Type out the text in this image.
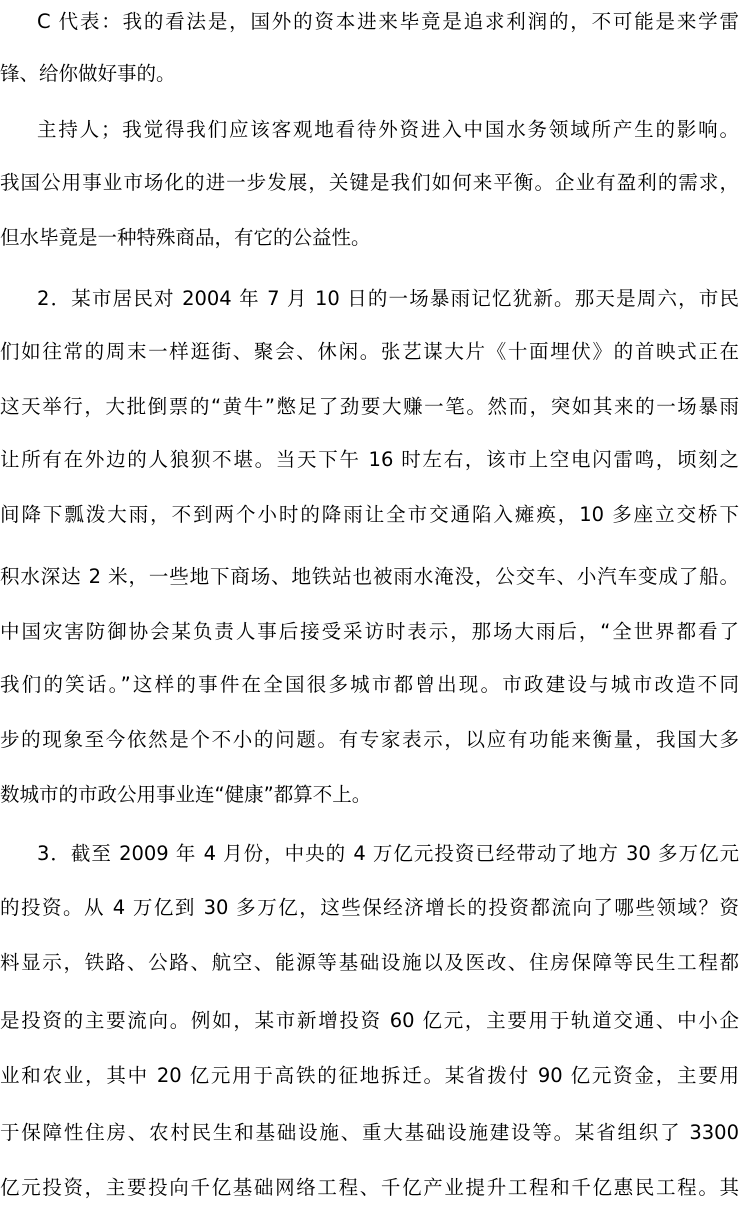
C 代表：我的看法是，国外的资本进来毕竟是追求利润的，不可能是来学雷
锋、给你做好事的。
主持人；我觉得我们应该客观地看待外资进入中国水务领域所产生的影响。
我国公用事业市场化的进一步发展，关键是我们如何来平衡。企业有盈利的需求，
但水毕竟是一种特殊商品，有它的公益性。
2．某市居民对 2004 年 7 月 10 日的一场暴雨记忆犹新。那天是周六，市民
们如往常的周末一样逛街、聚会、休闲。张艺谋大片《十面埋伏》的首映式正在
这天举行，大批倒票的“黄牛”憋足了劲要大赚一笔。然而，突如其来的一场暴雨
让所有在外边的人狼狈不堪。当天下午 16 时左右，该市上空电闪雷鸣，顷刻之
间降下瓢泼大雨，不到两个小时的降雨让全市交通陷入瘫痪，10 多座立交桥下
积水深达 2 米，一些地下商场、地铁站也被雨水淹没，公交车、小汽车变成了船。
中国灾害防御协会某负责人事后接受采访时表示，那场大雨后，“全世界都看了
我们的笑话。”这样的事件在全国很多城市都曾出现。市政建设与城市改造不同
步的现象至今依然是个不小的问题。有专家表示，以应有功能来衡量，我国大多
数城市的市政公用事业连“健康”都算不上。
3．截至 2009 年 4 月份，中央的 4 万亿元投资已经带动了地方 30 多万亿元
的投资。从 4 万亿到 30 多万亿，这些保经济增长的投资都流向了哪些领域？资
料显示，铁路、公路、航空、能源等基础设施以及医改、住房保障等民生工程都
是投资的主要流向。例如，某市新增投资 60 亿元，主要用于轨道交通、中小企
业和农业，其中 20 亿元用于高铁的征地拆迁。某省拨付 90 亿元资金，主要用
于保障性住房、农村民生和基础设施、重大基础设施建设等。某省组织了 3300
亿元投资，主要投向千亿基础网络工程、千亿产业提升工程和千亿惠民工程。其
